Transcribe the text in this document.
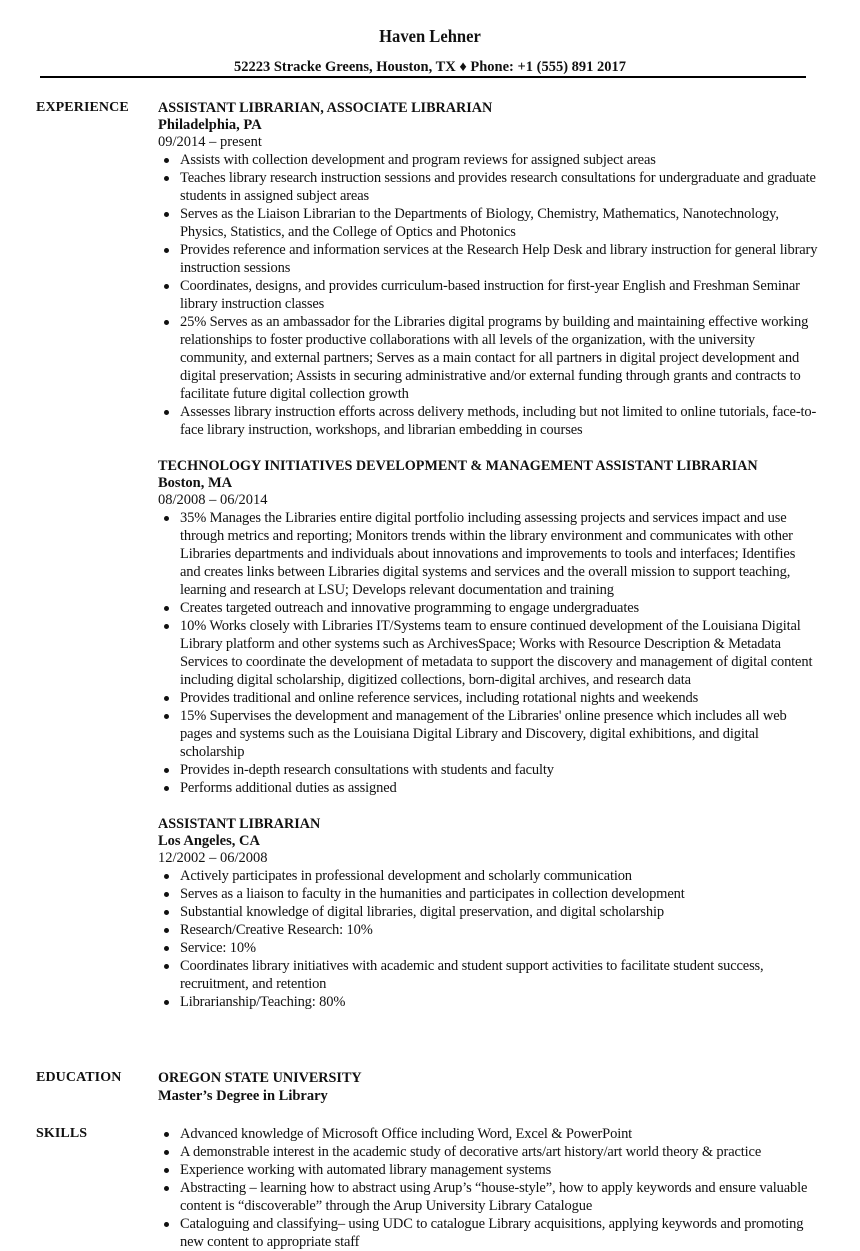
Haven Lehner
52223 Stracke Greens, Houston, TX ♦ Phone: +1 (555) 891 2017
EXPERIENCE ASSISTANT LIBRARIAN, ASSOCIATE LIBRARIAN
Philadelphia, PA
09/2014 – present
Assists with collection development and program reviews for assigned subject areas
Teaches library research instruction sessions and provides research consultations for undergraduate and graduate students in assigned subject areas
Serves as the Liaison Librarian to the Departments of Biology, Chemistry, Mathematics, Nanotechnology, Physics, Statistics, and the College of Optics and Photonics
Provides reference and information services at the Research Help Desk and library instruction for general library instruction sessions
Coordinates, designs, and provides curriculum-based instruction for first-year English and Freshman Seminar library instruction classes
25% Serves as an ambassador for the Libraries digital programs by building and maintaining effective working relationships to foster productive collaborations with all levels of the organization, with the university community, and external partners; Serves as a main contact for all partners in digital project development and digital preservation; Assists in securing administrative and/or external funding through grants and contracts to facilitate future digital collection growth
Assesses library instruction efforts across delivery methods, including but not limited to online tutorials, face-to-face library instruction, workshops, and librarian embedding in courses
TECHNOLOGY INITIATIVES DEVELOPMENT & MANAGEMENT ASSISTANT LIBRARIAN
Boston, MA
08/2008 – 06/2014
35% Manages the Libraries entire digital portfolio including assessing projects and services impact and use through metrics and reporting; Monitors trends within the library environment and communicates with other Libraries departments and individuals about innovations and improvements to tools and interfaces; Identifies and creates links between Libraries digital systems and services and the overall mission to support teaching, learning and research at LSU; Develops relevant documentation and training
Creates targeted outreach and innovative programming to engage undergraduates
10% Works closely with Libraries IT/Systems team to ensure continued development of the Louisiana Digital Library platform and other systems such as ArchivesSpace; Works with Resource Description & Metadata Services to coordinate the development of metadata to support the discovery and management of digital content including digital scholarship, digitized collections, born-digital archives, and research data
Provides traditional and online reference services, including rotational nights and weekends
15% Supervises the development and management of the Libraries' online presence which includes all web pages and systems such as the Louisiana Digital Library and Discovery, digital exhibitions, and digital scholarship
Provides in-depth research consultations with students and faculty
Performs additional duties as assigned
ASSISTANT LIBRARIAN
Los Angeles, CA
12/2002 – 06/2008
Actively participates in professional development and scholarly communication
Serves as a liaison to faculty in the humanities and participates in collection development
Substantial knowledge of digital libraries, digital preservation, and digital scholarship
Research/Creative Research: 10%
Service: 10%
Coordinates library initiatives with academic and student support activities to facilitate student success, recruitment, and retention
Librarianship/Teaching: 80%
EDUCATION	OREGON STATE UNIVERSITY
Master’s Degree in Library
SKILLS	Advanced knowledge of Microsoft Office including Word, Excel & PowerPoint
A demonstrable interest in the academic study of decorative arts/art history/art world theory & practice
Experience working with automated library management systems
Abstracting – learning how to abstract using Arup’s “house-style”, how to apply keywords and ensure valuable content is “discoverable” through the Arup University Library Catalogue
Cataloguing and classifying– using UDC to catalogue Library acquisitions, applying keywords and promoting new content to appropriate staff
